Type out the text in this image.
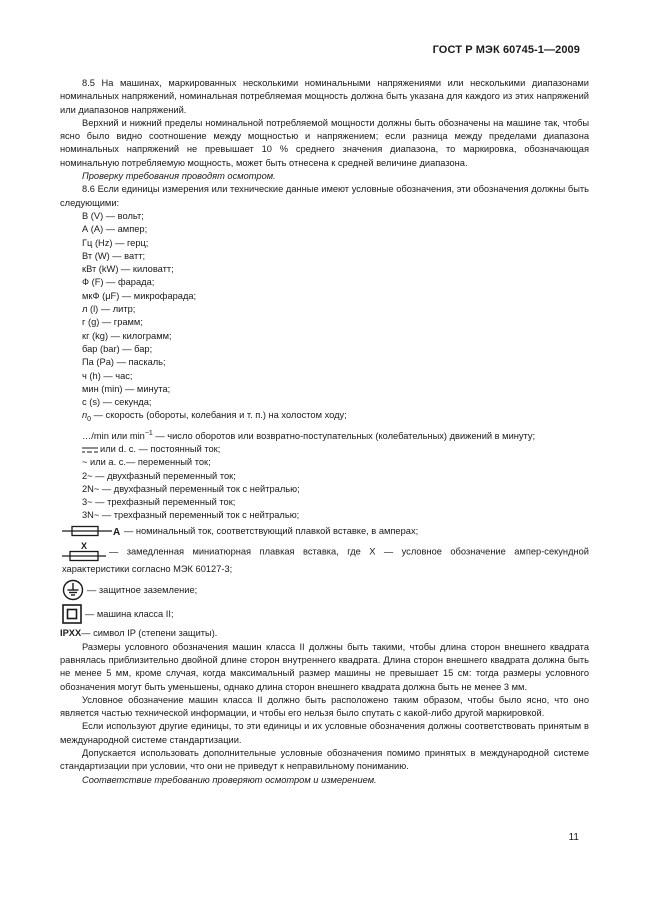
ГОСТ Р МЭК 60745-1—2009

8.5 На машинах, маркированных несколькими номинальными напряжениями или несколькими диапазонами номинальных напряжений, номинальная потребляемая мощность должна быть указана для каждого из этих напряжений или диапазонов напряжений.

Верхний и нижний пределы номинальной потребляемой мощности должны быть обозначены на машине так, чтобы ясно было видно соотношение между мощностью и напряжением; если разница между пределами диапазона номинальных напряжений не превышает 10 % среднего значения диапазона, то маркировка, обозначающая номинальную потребляемую мощность, может быть отнесена к средней величине диапазона.

Проверку требования проводят осмотром.

8.6 Если единицы измерения или технические данные имеют условные обозначения, эти обозначения должны быть следующими:

В (V) — вольт;

А (А) — ампер;

Гц (Hz) — герц;

Вт (W) — ватт;

кВт (kW) — киловатт;

Ф (F) — фарада;

мкФ (μF) — микрофарада;

л (l) — литр;

г (g) — грамм;

кг (kg) — килограмм;

бар (bar) — бар;

Па (Pa) — паскаль;

ч (h) — час;

мин (min) — минута;

с (s) — секунда;

$n_0$ — скорость (обороты, колебания и т. п.) на холостом ходу;

…/min или $\min^{-1}$ — число оборотов или возвратно-поступательных (колебательных) движений в минуту;

или d. c. — постоянный ток;

~ или a. c.— переменный ток;

2~ — двухфазный переменный ток;

2N~ — двухфазный переменный ток с нейтралью;

3~ — трехфазный переменный ток;

3N~ — трехфазный переменный ток с нейтралью;

A — номинальный ток, соответствующий плавкой вставке, в амперах;
X
— замедленная миниатюрная плавкая вставка, где X — условное обозначение ампер-секундной характеристики согласно МЭК 60127-3;
— защитное заземление;
— машина класса II;

IPXX— символ IP (степени защиты).

Размеры условного обозначения машин класса II должны быть такими, чтобы длина сторон внешнего квадрата равнялась приблизительно двойной длине сторон внутреннего квадрата. Длина сторон внешнего квадрата должна быть не менее 5 мм, кроме случая, когда максимальный размер машины не превышает 15 см: тогда размеры условного обозначения могут быть уменьшены, однако длина сторон внешнего квадрата должна быть не менее 3 мм.

Условное обозначение машин класса II должно быть расположено таким образом, чтобы было ясно, что оно является частью технической информации, и чтобы его нельзя было спутать с какой-либо другой маркировкой.

Если используют другие единицы, то эти единицы и их условные обозначения должны соответствовать принятым в международной системе стандартизации.

Допускается использовать дополнительные условные обозначения помимо принятых в международной системе стандартизации при условии, что они не приведут к неправильному пониманию.

Соответствие требованию проверяют осмотром и измерением.

11
